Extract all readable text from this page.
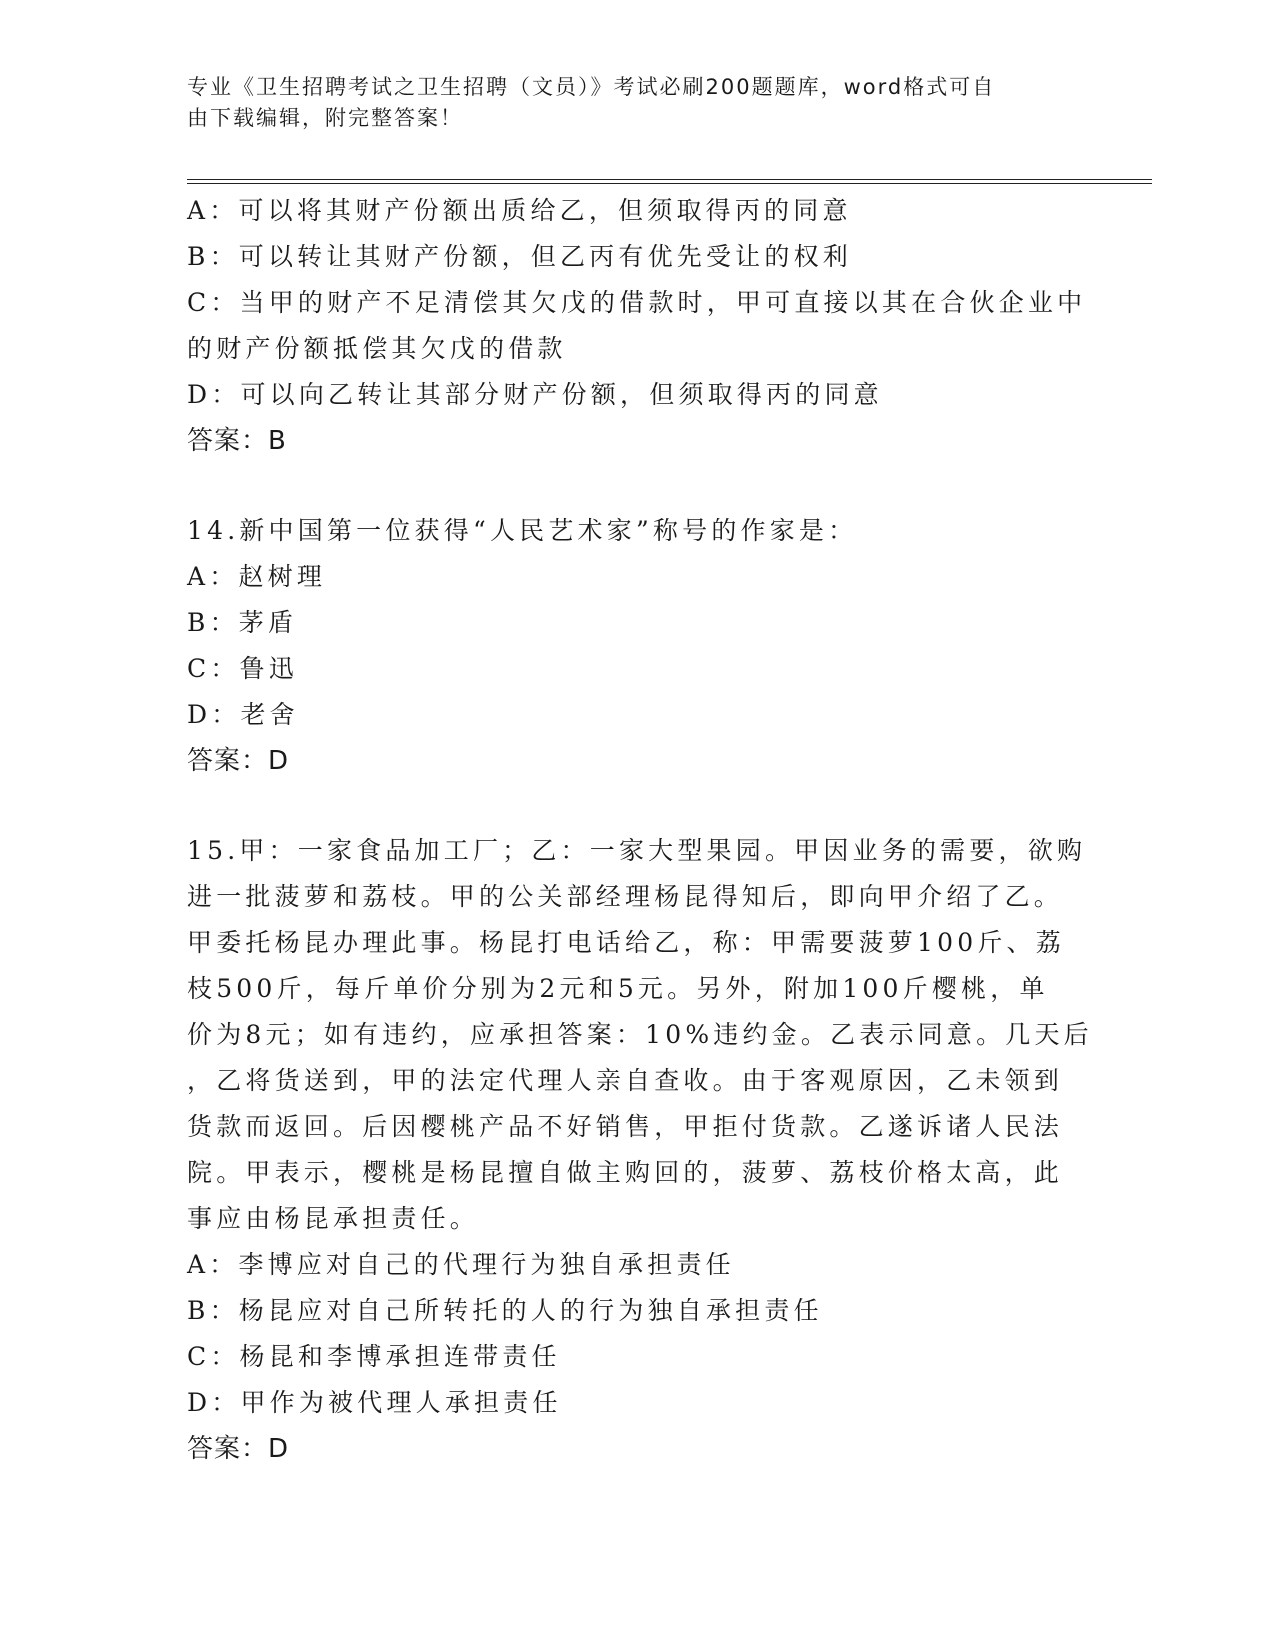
专业《卫生招聘考试之卫生招聘（文员）》考试必刷200题题库，word格式可自
由下载编辑，附完整答案！
A：可以将其财产份额出质给乙，但须取得丙的同意
B：可以转让其财产份额，但乙丙有优先受让的权利
C：当甲的财产不足清偿其欠戊的借款时，甲可直接以其在合伙企业中
的财产份额抵偿其欠戊的借款
D：可以向乙转让其部分财产份额，但须取得丙的同意
答案：B
14.新中国第一位获得“人民艺术家”称号的作家是：
A：赵树理
B：茅盾
C：鲁迅
D：老舍
答案：D
15.甲：一家食品加工厂；乙：一家大型果园。甲因业务的需要，欲购
进一批菠萝和荔枝。甲的公关部经理杨昆得知后，即向甲介绍了乙。
甲委托杨昆办理此事。杨昆打电话给乙，称：甲需要菠萝100斤、荔
枝500斤，每斤单价分别为2元和5元。另外，附加100斤樱桃，单
价为8元；如有违约，应承担答案：10%违约金。乙表示同意。几天后
，乙将货送到，甲的法定代理人亲自查收。由于客观原因，乙未领到
货款而返回。后因樱桃产品不好销售，甲拒付货款。乙遂诉诸人民法
院。甲表示，樱桃是杨昆擅自做主购回的，菠萝、荔枝价格太高，此
事应由杨昆承担责任。
A：李博应对自己的代理行为独自承担责任
B：杨昆应对自己所转托的人的行为独自承担责任
C：杨昆和李博承担连带责任
D：甲作为被代理人承担责任
答案：D
